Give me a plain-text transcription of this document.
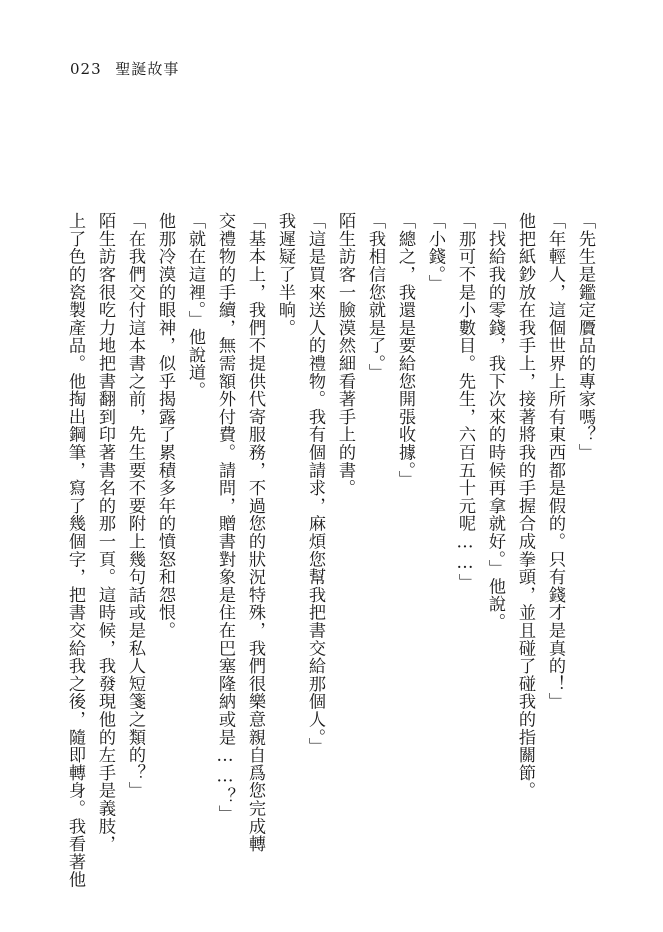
023 聖誕故事
「先生是鑑定贗品的專家嗎？」
「年輕人，這個世界上所有東西都是假的。只有錢才是真的！」
他把紙鈔放在我手上，接著將我的手握合成拳頭，並且碰了碰我的指關節。
「找給我的零錢，我下次來的時候再拿就好。」他說。
「那可不是小數目。先生，六百五十元呢……」
「小錢。」
「總之，我還是要給您開張收據。」
「我相信您就是了。」
陌生訪客一臉漠然細看著手上的書。
「這是買來送人的禮物。我有個請求，麻煩您幫我把書交給那個人。」
我遲疑了半晌。
「基本上，我們不提供代寄服務，不過您的狀況特殊，我們很樂意親自爲您完成轉
交禮物的手續，無需額外付費。請問，贈書對象是住在巴塞隆納或是……？」
「就在這裡。」他說道。
他那冷漠的眼神，似乎揭露了累積多年的憤怒和怨恨。
「在我們交付這本書之前，先生要不要附上幾句話或是私人短箋之類的？」
陌生訪客很吃力地把書翻到印著書名的那一頁。這時候，我發現他的左手是義肢，
上了色的瓷製產品。他掏出鋼筆，寫了幾個字，把書交給我之後，隨即轉身。我看著他
